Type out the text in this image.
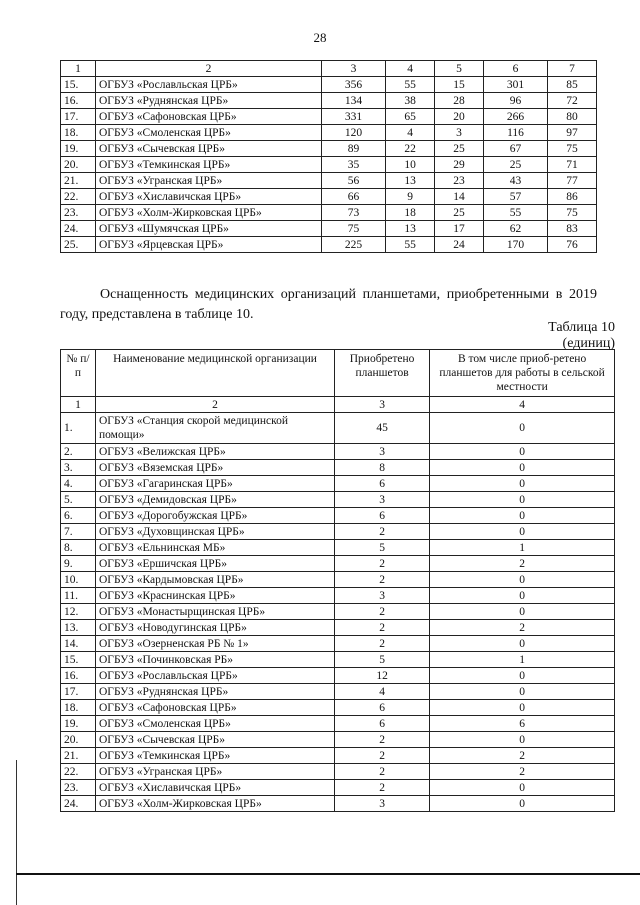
28
1	2	3	4	5	6	7
15.	ОГБУЗ «Рославльская ЦРБ»	356	55	15	301	85
16.	ОГБУЗ «Руднянская ЦРБ»	134	38	28	96	72
17.	ОГБУЗ «Сафоновская ЦРБ»	331	65	20	266	80
18.	ОГБУЗ «Смоленская ЦРБ»	120	4	3	116	97
19.	ОГБУЗ «Сычевская ЦРБ»	89	22	25	67	75
20.	ОГБУЗ «Темкинская ЦРБ»	35	10	29	25	71
21.	ОГБУЗ «Угранская ЦРБ»	56	13	23	43	77
22.	ОГБУЗ «Хиславичская ЦРБ»	66	9	14	57	86
23.	ОГБУЗ «Холм-Жирковская ЦРБ»	73	18	25	55	75
24.	ОГБУЗ «Шумячская ЦРБ»	75	13	17	62	83
25.	ОГБУЗ «Ярцевская ЦРБ»	225	55	24	170	76
Оснащенность медицинских организаций планшетами, приобретенными в 2019 году, представлена в таблице 10.
Таблица 10
(единиц)
№ п/п	Наименование медицинской организации	Приобретено планшетов	В том числе приоб-ретено планшетов для работы в сельской местности
1	2	3	4
1.	ОГБУЗ «Станция скорой медицинской помощи»	45	0
2.	ОГБУЗ «Велижская ЦРБ»	3	0
3.	ОГБУЗ «Вяземская ЦРБ»	8	0
4.	ОГБУЗ «Гагаринская ЦРБ»	6	0
5.	ОГБУЗ «Демидовская ЦРБ»	3	0
6.	ОГБУЗ «Дорогобужская ЦРБ»	6	0
7.	ОГБУЗ «Духовщинская ЦРБ»	2	0
8.	ОГБУЗ «Ельнинская МБ»	5	1
9.	ОГБУЗ «Ершичская ЦРБ»	2	2
10.	ОГБУЗ «Кардымовская ЦРБ»	2	0
11.	ОГБУЗ «Краснинская ЦРБ»	3	0
12.	ОГБУЗ «Монастырщинская ЦРБ»	2	0
13.	ОГБУЗ «Новодугинская ЦРБ»	2	2
14.	ОГБУЗ «Озерненская РБ № 1»	2	0
15.	ОГБУЗ «Починковская РБ»	5	1
16.	ОГБУЗ «Рославльская ЦРБ»	12	0
17.	ОГБУЗ «Руднянская ЦРБ»	4	0
18.	ОГБУЗ «Сафоновская ЦРБ»	6	0
19.	ОГБУЗ «Смоленская ЦРБ»	6	6
20.	ОГБУЗ «Сычевская ЦРБ»	2	0
21.	ОГБУЗ «Темкинская ЦРБ»	2	2
22.	ОГБУЗ «Угранская ЦРБ»	2	2
23.	ОГБУЗ «Хиславичская ЦРБ»	2	0
24.	ОГБУЗ «Холм-Жирковская ЦРБ»	3	0
